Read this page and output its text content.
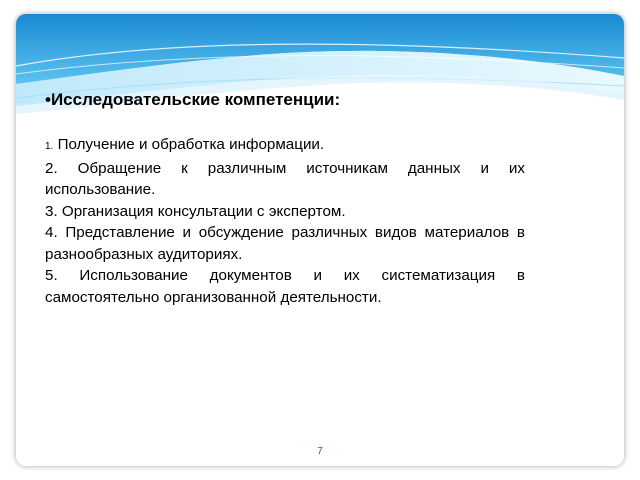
•Исследовательские компетенции:
1. Получение и обработка информации.
2. Обращение к различным источникам данных и их использование.
3. Организация консультации с экспертом.
4. Представление и обсуждение различных видов материалов в разнообразных аудиториях.
5. Использование документов и их систематизация в самостоятельно организованной деятельности.
7
